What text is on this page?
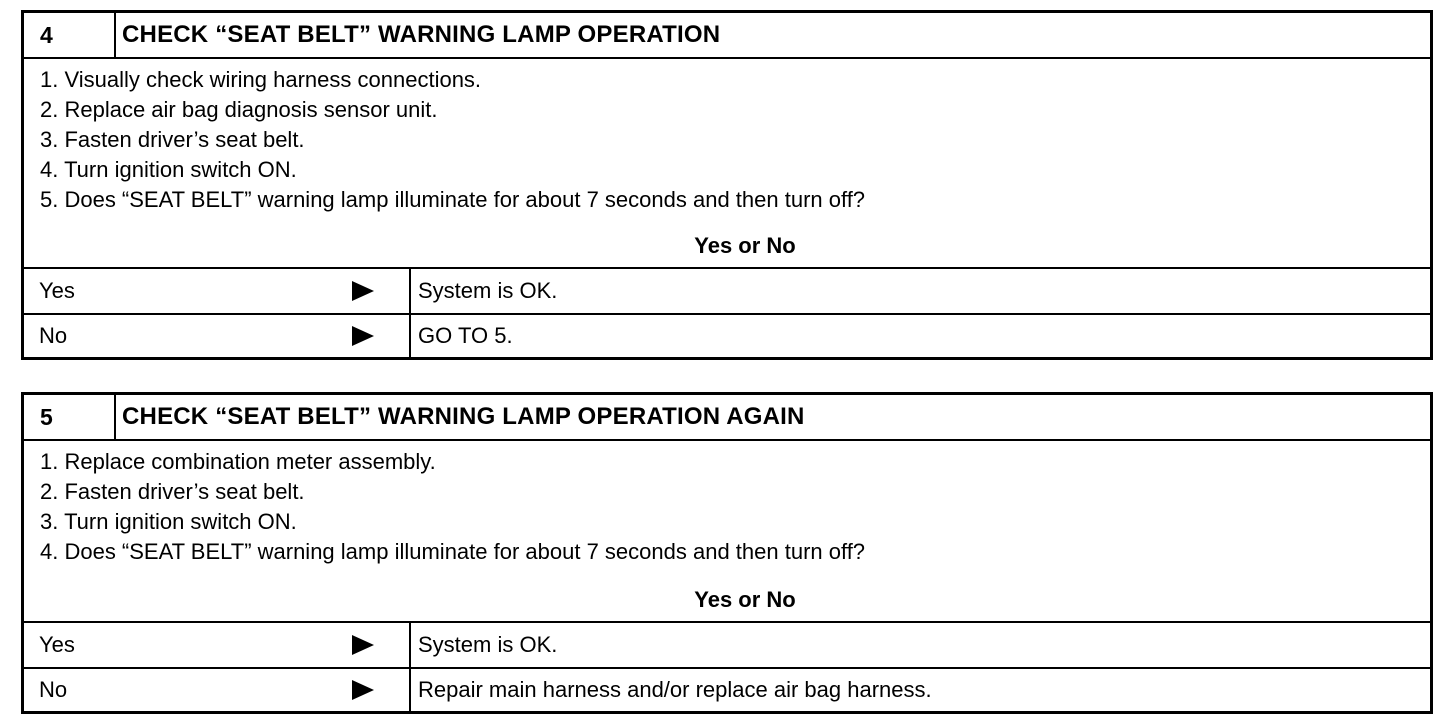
4	CHECK “SEAT BELT” WARNING LAMP OPERATION
1. Visually check wiring harness connections.
2. Replace air bag diagnosis sensor unit.
3. Fasten driver’s seat belt.
4. Turn ignition switch ON.
5. Does “SEAT BELT” warning lamp illuminate for about 7 seconds and then turn off?
Yes or No
Yes	System is OK.
No	GO TO 5.
5	CHECK “SEAT BELT” WARNING LAMP OPERATION AGAIN
1. Replace combination meter assembly.
2. Fasten driver’s seat belt.
3. Turn ignition switch ON.
4. Does “SEAT BELT” warning lamp illuminate for about 7 seconds and then turn off?
Yes or No
Yes	System is OK.
No	Repair main harness and/or replace air bag harness.
